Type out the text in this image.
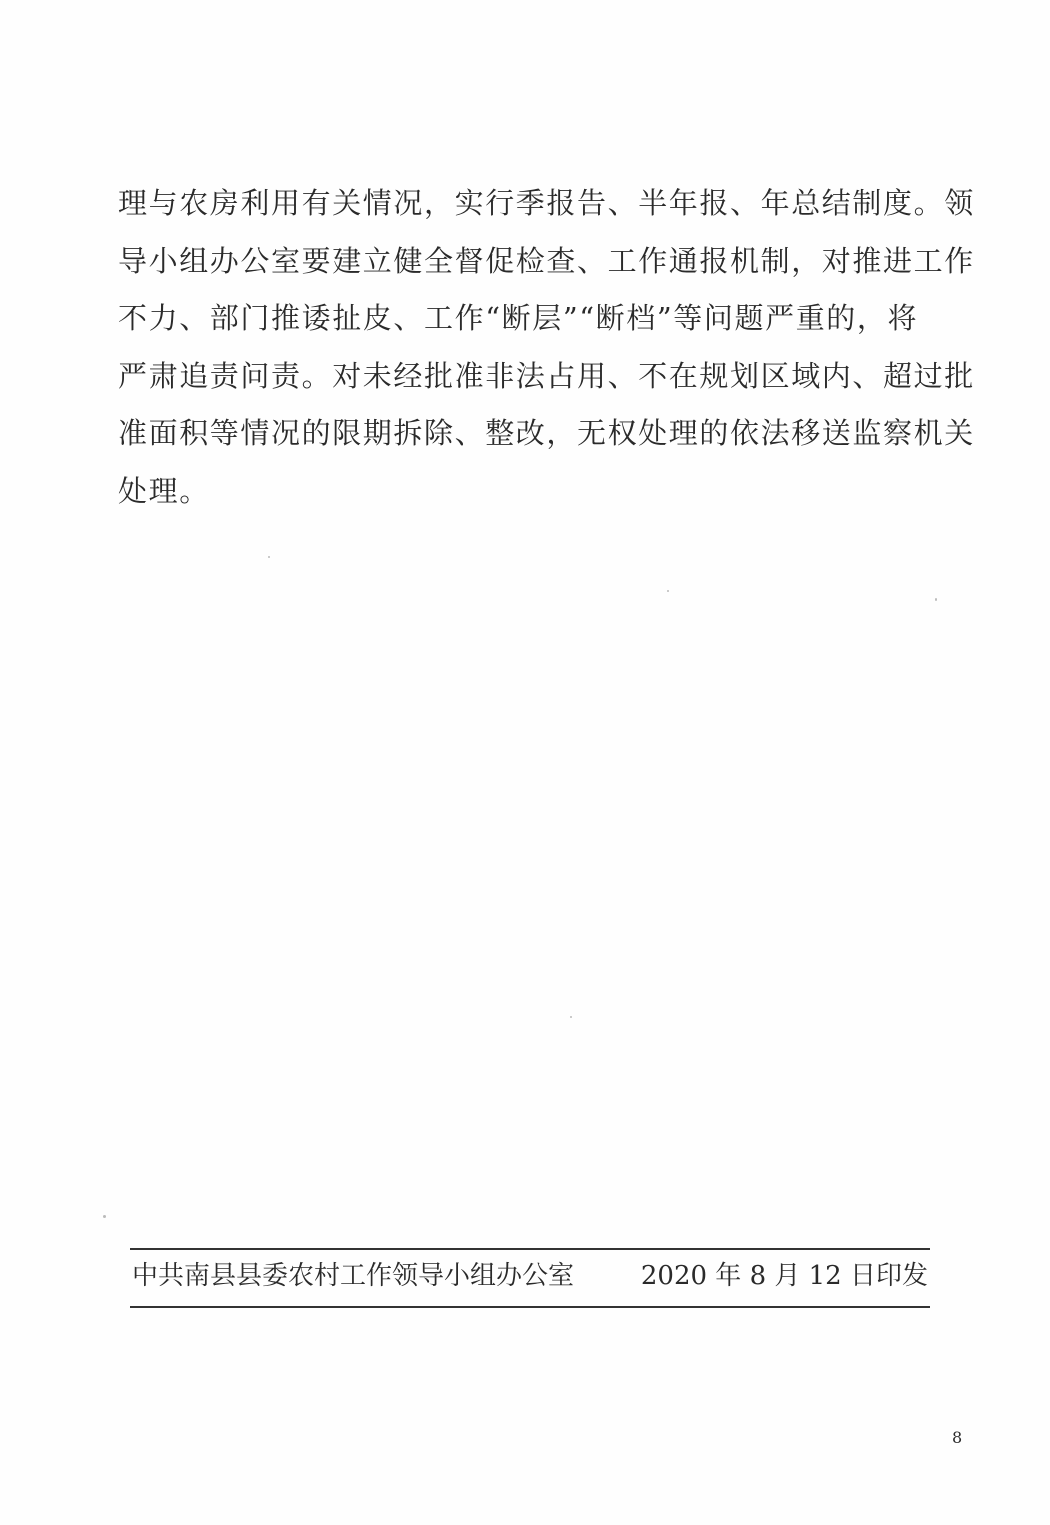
理与农房利用有关情况，实行季报告、半年报、年总结制度。领
导小组办公室要建立健全督促检查、工作通报机制，对推进工作
不力、部门推诿扯皮、工作“断层”“断档”等问题严重的，将
严肃追责问责。对未经批准非法占用、不在规划区域内、超过批
准面积等情况的限期拆除、整改，无权处理的依法移送监察机关
处理。
中共南县县委农村工作领导小组办公室	2020 年 8 月 12 日印发
8
